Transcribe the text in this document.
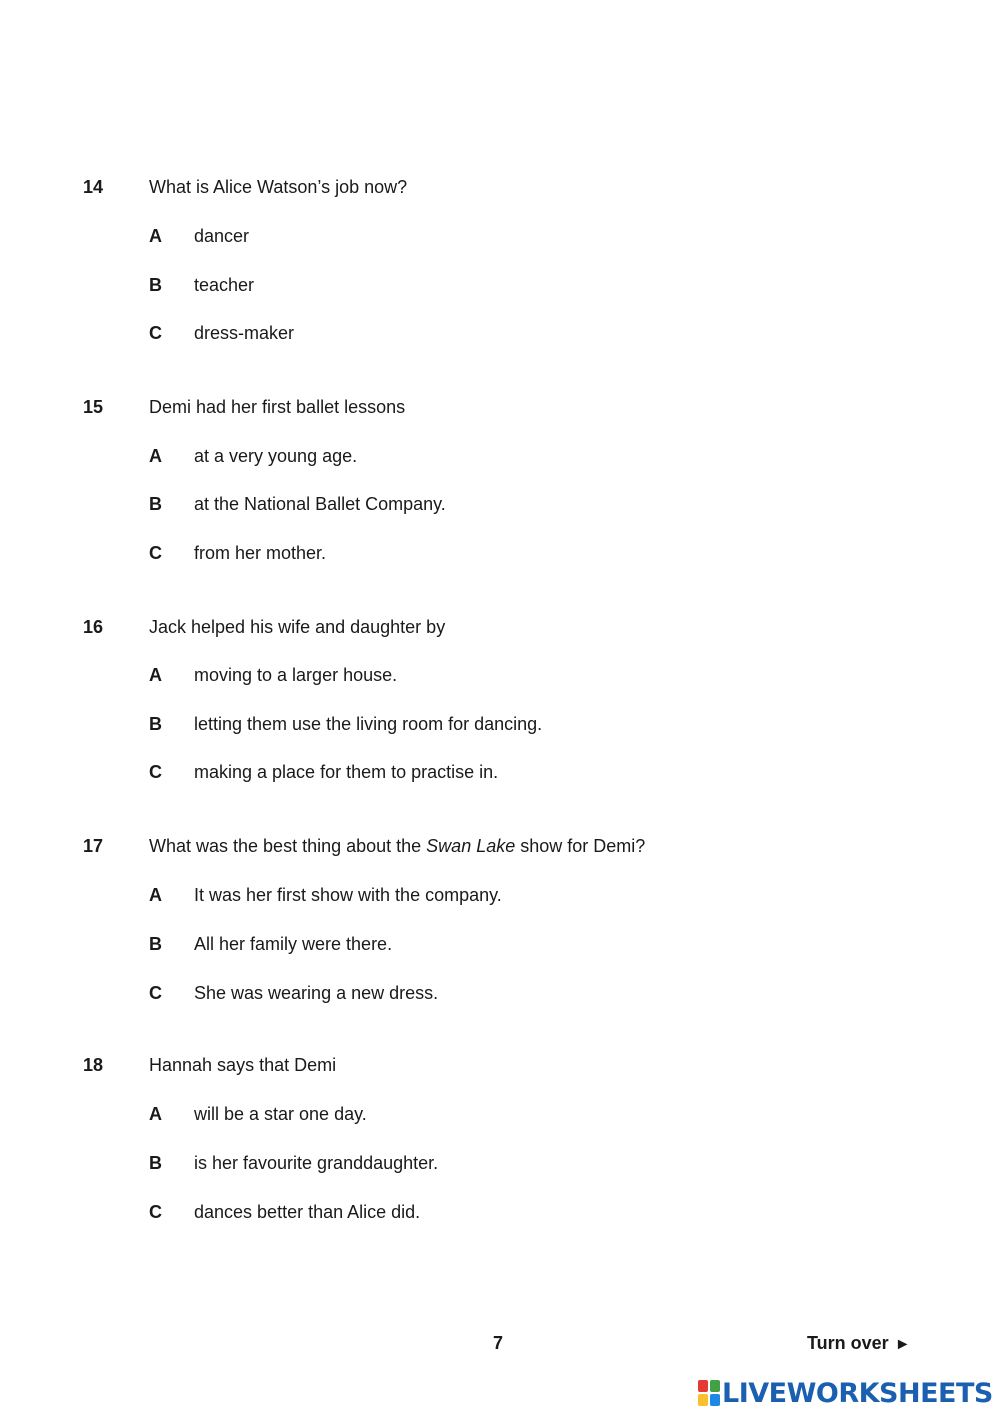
14	What is Alice Watson’s job now?
A dancer
B teacher
C dress-maker
15	Demi had her first ballet lessons
A at a very young age.
B at the National Ballet Company.
C from her mother.
16	Jack helped his wife and daughter by
A moving to a larger house.
B letting them use the living room for dancing.
C making a place for them to practise in.
17	What was the best thing about the Swan Lake show for Demi?
A It was her first show with the company.
B All her family were there.
C She was wearing a new dress.
18	Hannah says that Demi
A will be a star one day.
B is her favourite granddaughter.
C dances better than Alice did.
7	Turn over ►
LIVEWORKSHEETS
